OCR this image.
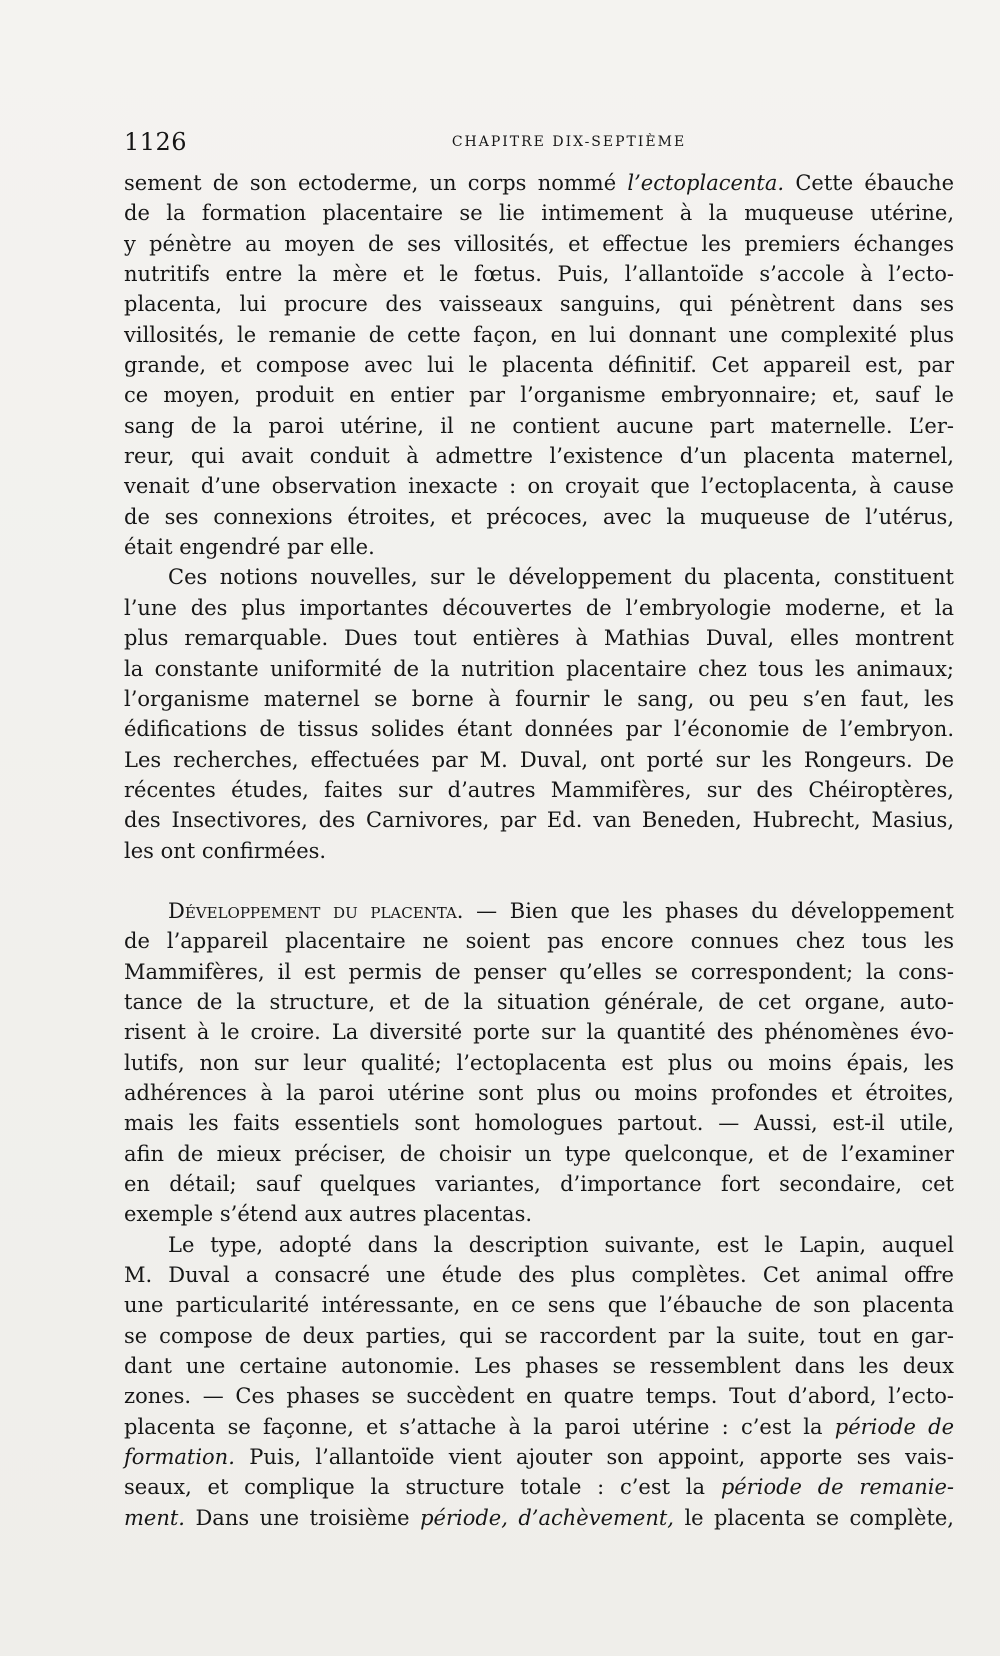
1126	CHAPITRE DIX-SEPTIÈME
sement de son ectoderme, un corps nommé l’ectoplacenta. Cette ébauche
de la formation placentaire se lie intimement à la muqueuse utérine,
y pénètre au moyen de ses villosités, et effectue les premiers échanges
nutritifs entre la mère et le fœtus. Puis, l’allantoïde s’accole à l’ecto-
placenta, lui procure des vaisseaux sanguins, qui pénètrent dans ses
villosités, le remanie de cette façon, en lui donnant une complexité plus
grande, et compose avec lui le placenta définitif. Cet appareil est, par
ce moyen, produit en entier par l’organisme embryonnaire; et, sauf le
sang de la paroi utérine, il ne contient aucune part maternelle. L’er-
reur, qui avait conduit à admettre l’existence d’un placenta maternel,
venait d’une observation inexacte : on croyait que l’ectoplacenta, à cause
de ses connexions étroites, et précoces, avec la muqueuse de l’utérus,
était engendré par elle.
Ces notions nouvelles, sur le développement du placenta, constituent
l’une des plus importantes découvertes de l’embryologie moderne, et la
plus remarquable. Dues tout entières à Mathias Duval, elles montrent
la constante uniformité de la nutrition placentaire chez tous les animaux;
l’organisme maternel se borne à fournir le sang, ou peu s’en faut, les
édifications de tissus solides étant données par l’économie de l’embryon.
Les recherches, effectuées par M. Duval, ont porté sur les Rongeurs. De
récentes études, faites sur d’autres Mammifères, sur des Chéiroptères,
des Insectivores, des Carnivores, par Ed. van Beneden, Hubrecht, Masius,
les ont confirmées.
Développement du placenta. — Bien que les phases du développement
de l’appareil placentaire ne soient pas encore connues chez tous les
Mammifères, il est permis de penser qu’elles se correspondent; la cons-
tance de la structure, et de la situation générale, de cet organe, auto-
risent à le croire. La diversité porte sur la quantité des phénomènes évo-
lutifs, non sur leur qualité; l’ectoplacenta est plus ou moins épais, les
adhérences à la paroi utérine sont plus ou moins profondes et étroites,
mais les faits essentiels sont homologues partout. — Aussi, est-il utile,
afin de mieux préciser, de choisir un type quelconque, et de l’examiner
en détail; sauf quelques variantes, d’importance fort secondaire, cet
exemple s’étend aux autres placentas.
Le type, adopté dans la description suivante, est le Lapin, auquel
M. Duval a consacré une étude des plus complètes. Cet animal offre
une particularité intéressante, en ce sens que l’ébauche de son placenta
se compose de deux parties, qui se raccordent par la suite, tout en gar-
dant une certaine autonomie. Les phases se ressemblent dans les deux
zones. — Ces phases se succèdent en quatre temps. Tout d’abord, l’ecto-
placenta se façonne, et s’attache à la paroi utérine : c’est la période de
formation. Puis, l’allantoïde vient ajouter son appoint, apporte ses vais-
seaux, et complique la structure totale : c’est la période de remanie-
ment. Dans une troisième période, d’achèvement, le placenta se complète,
